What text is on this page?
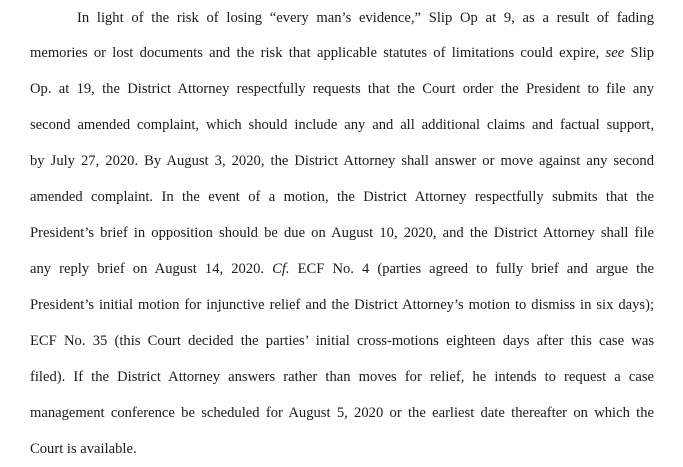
In light of the risk of losing “every man’s evidence,” Slip Op at 9, as a result of fading
memories or lost documents and the risk that applicable statutes of limitations could expire, see Slip
Op. at 19, the District Attorney respectfully requests that the Court order the President to file any
second amended complaint, which should include any and all additional claims and factual support,
by July 27, 2020. By August 3, 2020, the District Attorney shall answer or move against any second
amended complaint. In the event of a motion, the District Attorney respectfully submits that the
President’s brief in opposition should be due on August 10, 2020, and the District Attorney shall file
any reply brief on August 14, 2020. Cf. ECF No. 4 (parties agreed to fully brief and argue the
President’s initial motion for injunctive relief and the District Attorney’s motion to dismiss in six days);
ECF No. 35 (this Court decided the parties’ initial cross-motions eighteen days after this case was
filed). If the District Attorney answers rather than moves for relief, he intends to request a case
management conference be scheduled for August 5, 2020 or the earliest date thereafter on which the
Court is available.
